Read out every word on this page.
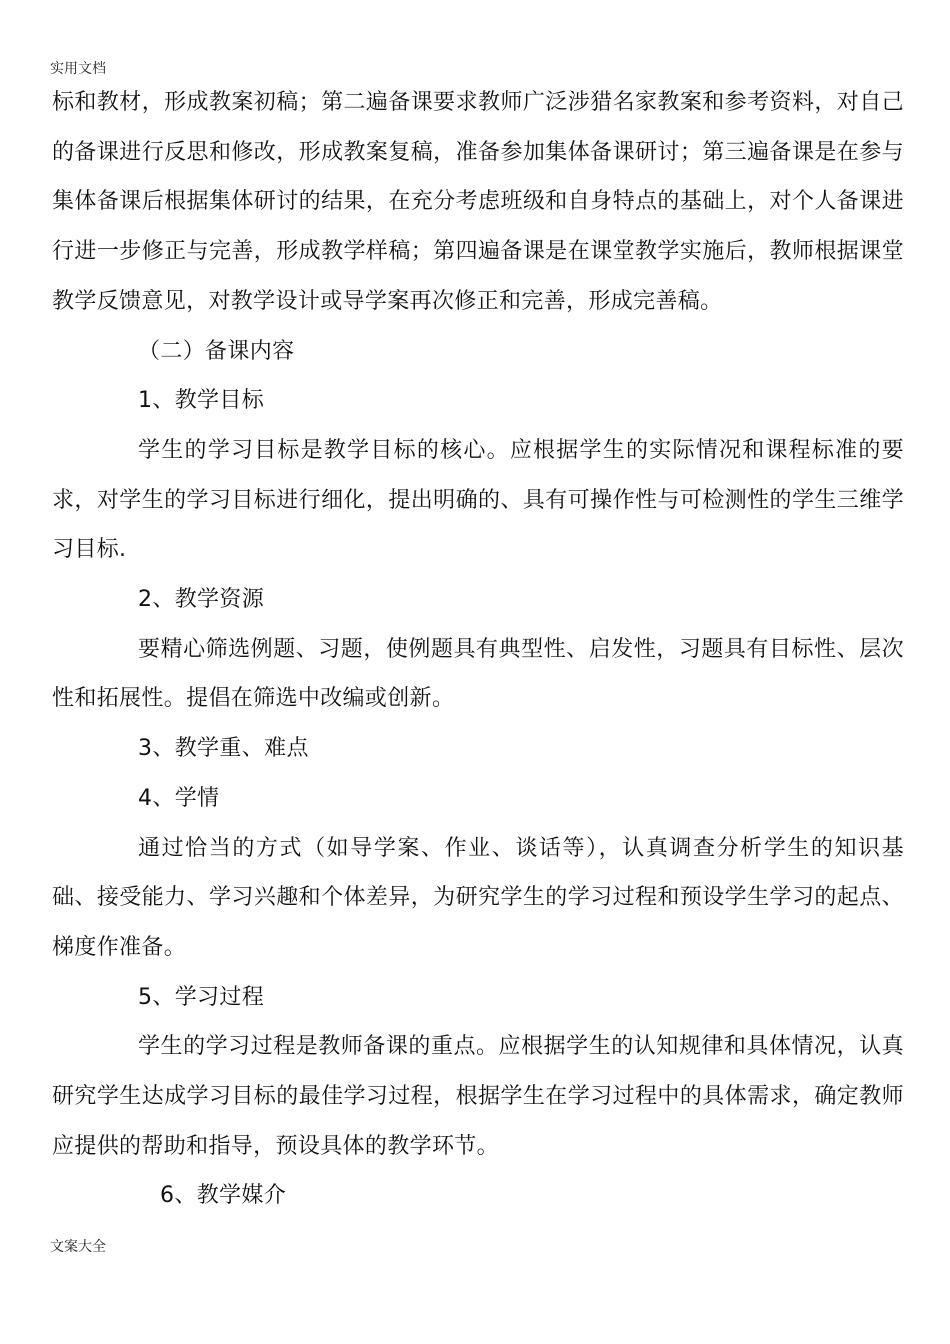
实用文档

标和教材，形成教案初稿；第二遍备课要求教师广泛涉猎名家教案和参考资料，对自己的备课进行反思和修改，形成教案复稿，准备参加集体备课研讨；第三遍备课是在参与集体备课后根据集体研讨的结果，在充分考虑班级和自身特点的基础上，对个人备课进行进一步修正与完善，形成教学样稿；第四遍备课是在课堂教学实施后，教师根据课堂教学反馈意见，对教学设计或导学案再次修正和完善，形成完善稿。

（二）备课内容

1、教学目标

学生的学习目标是教学目标的核心。应根据学生的实际情况和课程标准的要求，对学生的学习目标进行细化，提出明确的、具有可操作性与可检测性的学生三维学习目标.

2、教学资源

要精心筛选例题、习题，使例题具有典型性、启发性，习题具有目标性、层次性和拓展性。提倡在筛选中改编或创新。

3、教学重、难点

4、学情

通过恰当的方式（如导学案、作业、谈话等），认真调查分析学生的知识基础、接受能力、学习兴趣和个体差异，为研究学生的学习过程和预设学生学习的起点、梯度作准备。

5、学习过程

学生的学习过程是教师备课的重点。应根据学生的认知规律和具体情况，认真研究学生达成学习目标的最佳学习过程，根据学生在学习过程中的具体需求，确定教师应提供的帮助和指导，预设具体的教学环节。

6、教学媒介

文案大全
